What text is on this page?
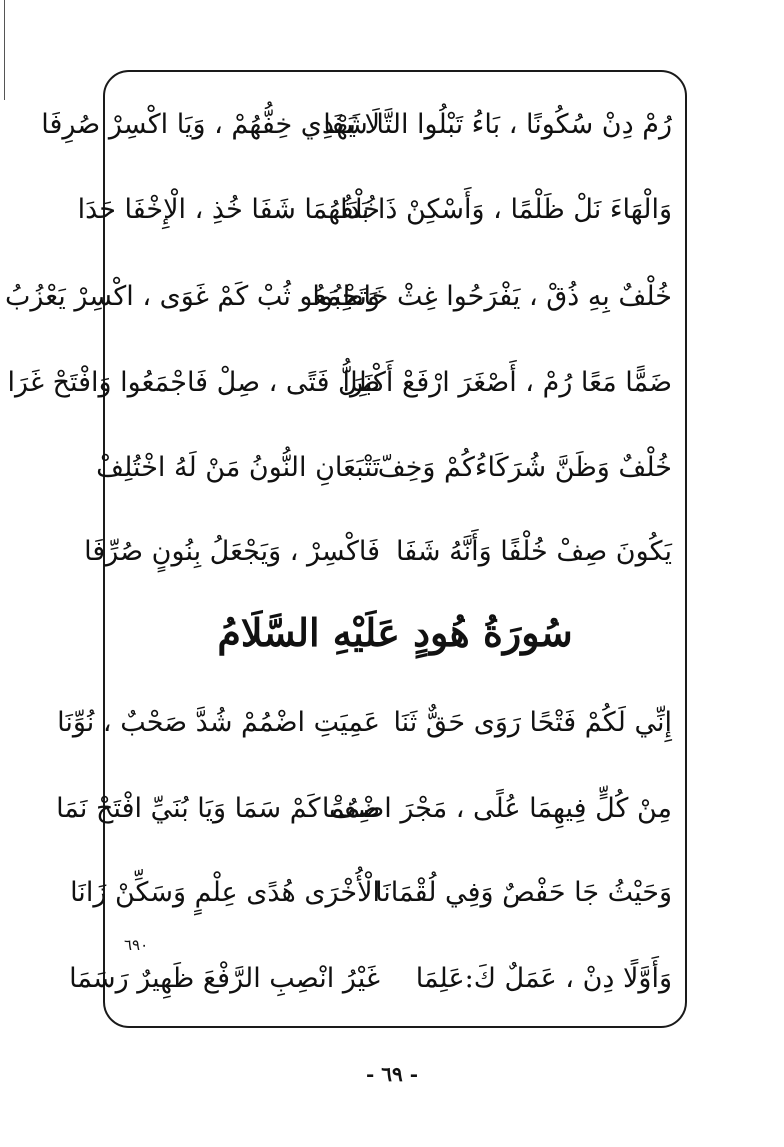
رُمْ دِنْ سُكُونًا ، بَاءُ تَبْلُوا التَّا شَفَا
لَا يَهْدِي خِفُّهُمْ ، وَيَا اكْسِرْ صُرِفَا
وَالْهَاءَ نَلْ ظَلْمًا ، وَأَسْكِنْ ذَا بَدَا
خُلْفُهُمَا شَفَا خُذِ ، الْإِخْفَا حَدَا
خُلْفٌ بِهِ ذُقْ ، يَفْرَحُوا غِثْ خَاطِبُوا
وَتَجْمَعُو ثُبْ كَمْ غَوَى ، اكْسِرْ يَعْزُبُ
ضَمًّا مَعًا رُمْ ، أَصْغَرَ ارْفَعْ أَكْبَرَا
ظِلُّ فَتًى ، صِلْ فَاجْمَعُوا وَافْتَحْ غَرَا
خُلْفٌ وَظَنَّ شُرَكَاءُكُمْ وَخِفّ
تَتْبَعَانِ النُّونُ مَنْ لَهُ اخْتُلِفْ
يَكُونَ صِفْ خُلْفًا وَأَنَّهُ شَفَا
فَاكْسِرْ ، وَيَجْعَلُ بِنُونٍ صُرِّفَا
سُورَةُ هُودٍ عَلَيْهِ السَّلَامُ
إِنِّي لَكُمْ فَتْحًا رَوَى حَقٌّ ثَنَا
عَمِيَتِ اضْمُمْ شُدَّ صَحْبٌ ، نُوِّنَا
مِنْ كُلٍّ فِيهِمَا عُلًى ، مَجْرَ اضْمُمَا
صِفْ كَمْ سَمَا وَيَا بُنَيِّ افْتَحْ نَمَا
وَحَيْثُ جَا حَفْصٌ وَفِي لُقْمَانَا
الْأُخْرَى هُدًى عِلْمٍ وَسَكِّنْ زَانَا
٦٩٠
وَأَوَّلًا دِنْ ، عَمَلٌ كَ:عَلِمَا
غَيْرُ انْصِبِ الرَّفْعَ ظَهِيرٌ رَسَمَا
- ٦٩ -
